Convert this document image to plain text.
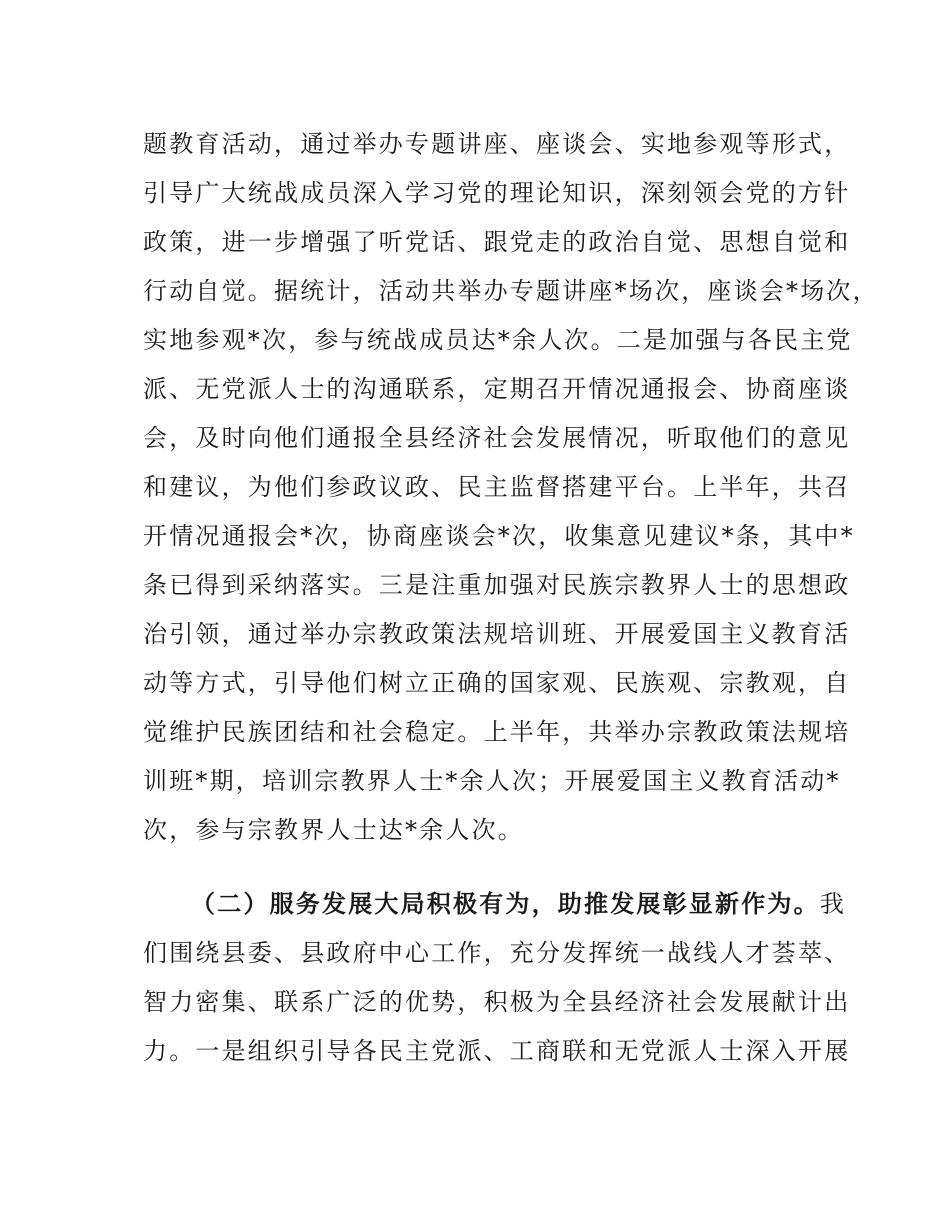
题教育活动，通过举办专题讲座、座谈会、实地参观等形式，
引导广大统战成员深入学习党的理论知识，深刻领会党的方针
政策，进一步增强了听党话、跟党走的政治自觉、思想自觉和
行动自觉。据统计，活动共举办专题讲座*场次，座谈会*场次，
实地参观*次，参与统战成员达*余人次。二是加强与各民主党
派、无党派人士的沟通联系，定期召开情况通报会、协商座谈
会，及时向他们通报全县经济社会发展情况，听取他们的意见
和建议，为他们参政议政、民主监督搭建平台。上半年，共召
开情况通报会*次，协商座谈会*次，收集意见建议*条，其中*
条已得到采纳落实。三是注重加强对民族宗教界人士的思想政
治引领，通过举办宗教政策法规培训班、开展爱国主义教育活
动等方式，引导他们树立正确的国家观、民族观、宗教观，自
觉维护民族团结和社会稳定。上半年，共举办宗教政策法规培
训班*期，培训宗教界人士*余人次；开展爱国主义教育活动*
次，参与宗教界人士达*余人次。
（二）服务发展大局积极有为，助推发展彰显新作为。我
们围绕县委、县政府中心工作，充分发挥统一战线人才荟萃、
智力密集、联系广泛的优势，积极为全县经济社会发展献计出
力。一是组织引导各民主党派、工商联和无党派人士深入开展
